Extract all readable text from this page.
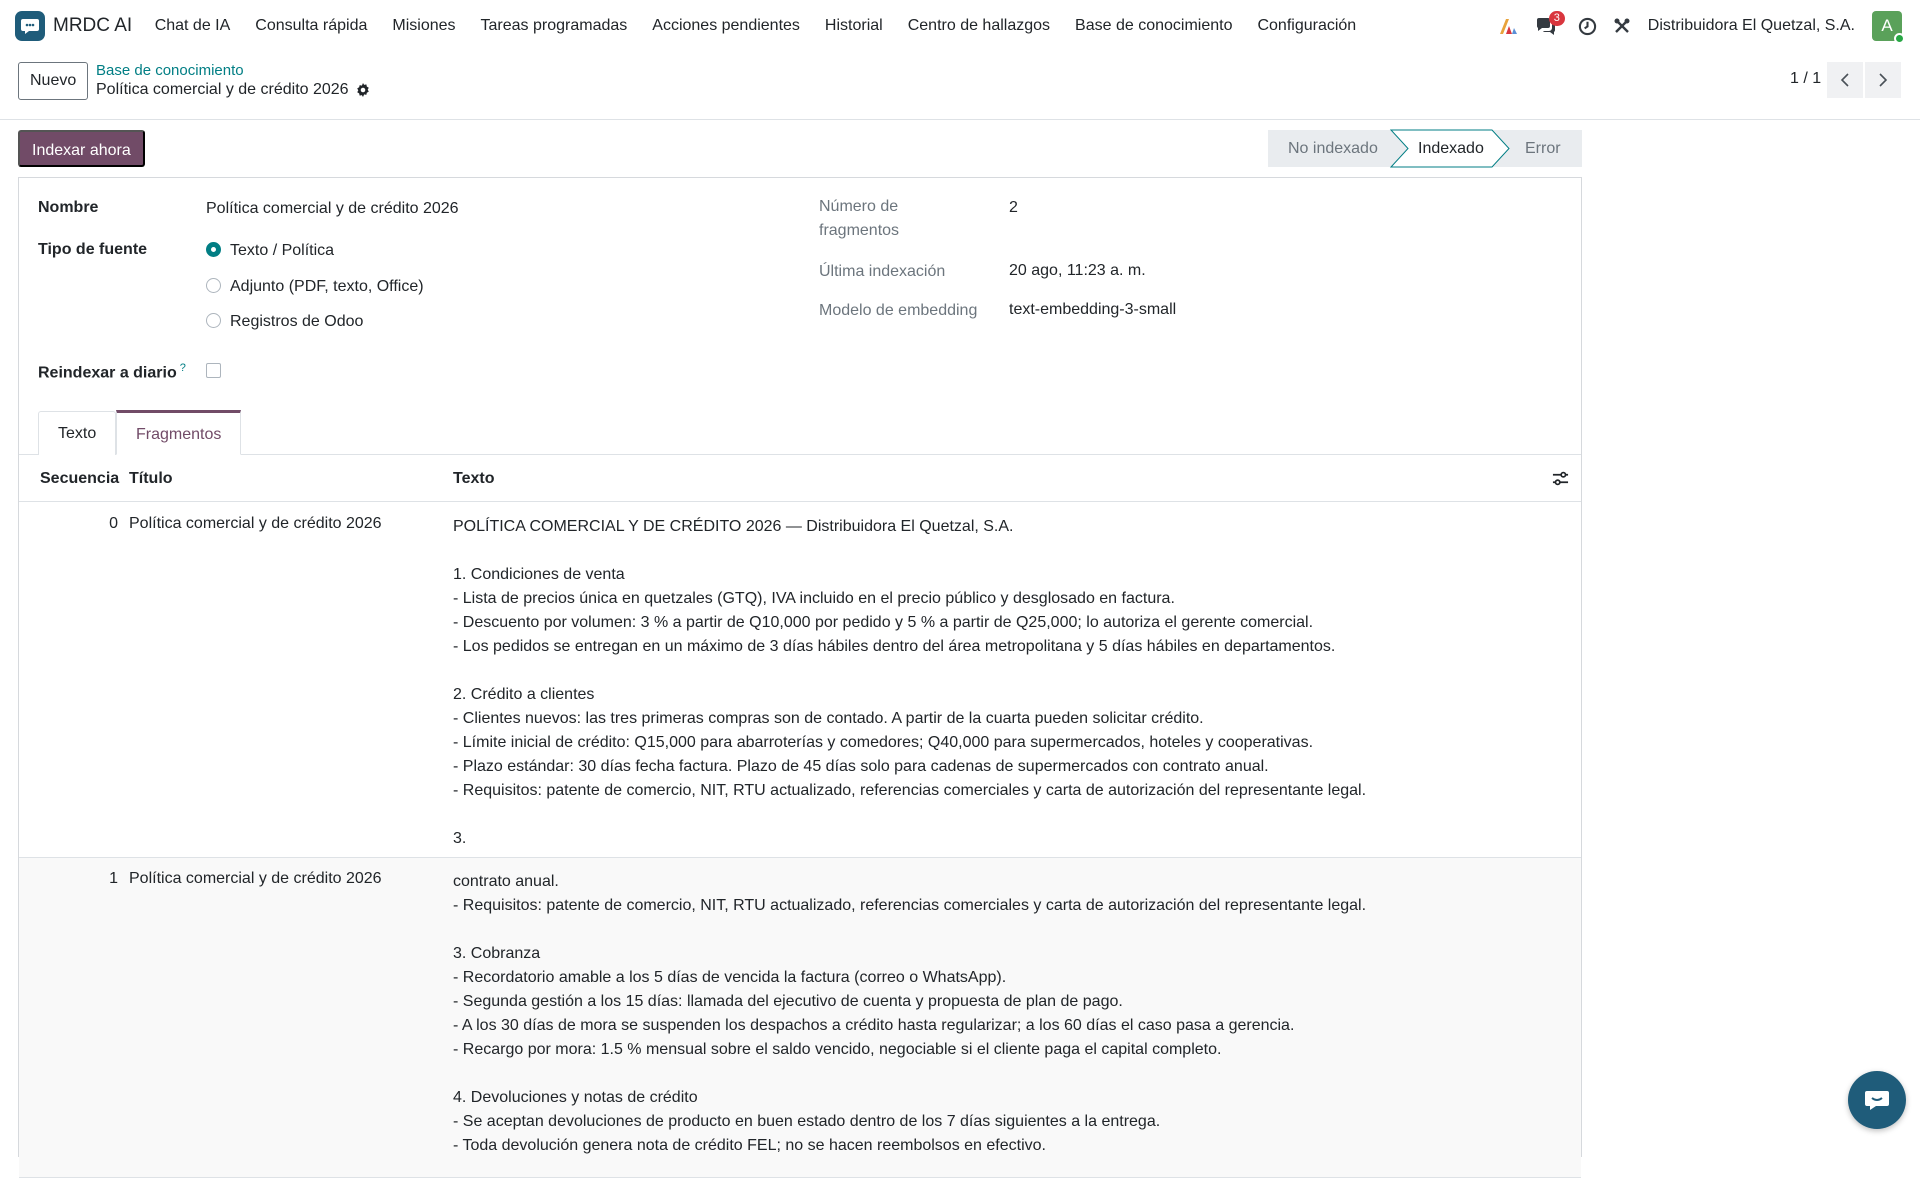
MRDC AI	Chat de IA	Consulta rápida	Misiones	Tareas programadas	Acciones pendientes	Historial	Centro de hallazgos	Base de conocimiento	Configuración	3	Distribuidora El Quetzal, S.A. A
Nuevo
Base de conocimiento
Política comercial y de crédito 2026
1 / 1
Indexar ahora	No indexado	Indexado	Error
Nombre	Política comercial y de crédito 2026
Tipo de fuente	Texto / Política
Adjunto (PDF, texto, Office)
Registros de Odoo
Reindexar a diario ?
Número de
fragmentos
2
Última indexación	20 ago, 11:23 a. m.
Modelo de embedding text-embedding-3-small
Texto	Fragmentos
Secuencia Título	Texto
0 Política comercial y de crédito 2026	POLÍTICA COMERCIAL Y DE CRÉDITO 2026 — Distribuidora El Quetzal, S.A.

1. Condiciones de venta
- Lista de precios única en quetzales (GTQ), IVA incluido en el precio público y desglosado en factura.
- Descuento por volumen: 3 % a partir de Q10,000 por pedido y 5 % a partir de Q25,000; lo autoriza el gerente comercial.
- Los pedidos se entregan en un máximo de 3 días hábiles dentro del área metropolitana y 5 días hábiles en departamentos.

2. Crédito a clientes
- Clientes nuevos: las tres primeras compras son de contado. A partir de la cuarta pueden solicitar crédito.
- Límite inicial de crédito: Q15,000 para abarroterías y comedores; Q40,000 para supermercados, hoteles y cooperativas.
- Plazo estándar: 30 días fecha factura. Plazo de 45 días solo para cadenas de supermercados con contrato anual.
- Requisitos: patente de comercio, NIT, RTU actualizado, referencias comerciales y carta de autorización del representante legal.

3.
1 Política comercial y de crédito 2026	contrato anual.
- Requisitos: patente de comercio, NIT, RTU actualizado, referencias comerciales y carta de autorización del representante legal.

3. Cobranza
- Recordatorio amable a los 5 días de vencida la factura (correo o WhatsApp).
- Segunda gestión a los 15 días: llamada del ejecutivo de cuenta y propuesta de plan de pago.
- A los 30 días de mora se suspenden los despachos a crédito hasta regularizar; a los 60 días el caso pasa a gerencia.
- Recargo por mora: 1.5 % mensual sobre el saldo vencido, negociable si el cliente paga el capital completo.

4. Devoluciones y notas de crédito
- Se aceptan devoluciones de producto en buen estado dentro de los 7 días siguientes a la entrega.
- Toda devolución genera nota de crédito FEL; no se hacen reembolsos en efectivo.
